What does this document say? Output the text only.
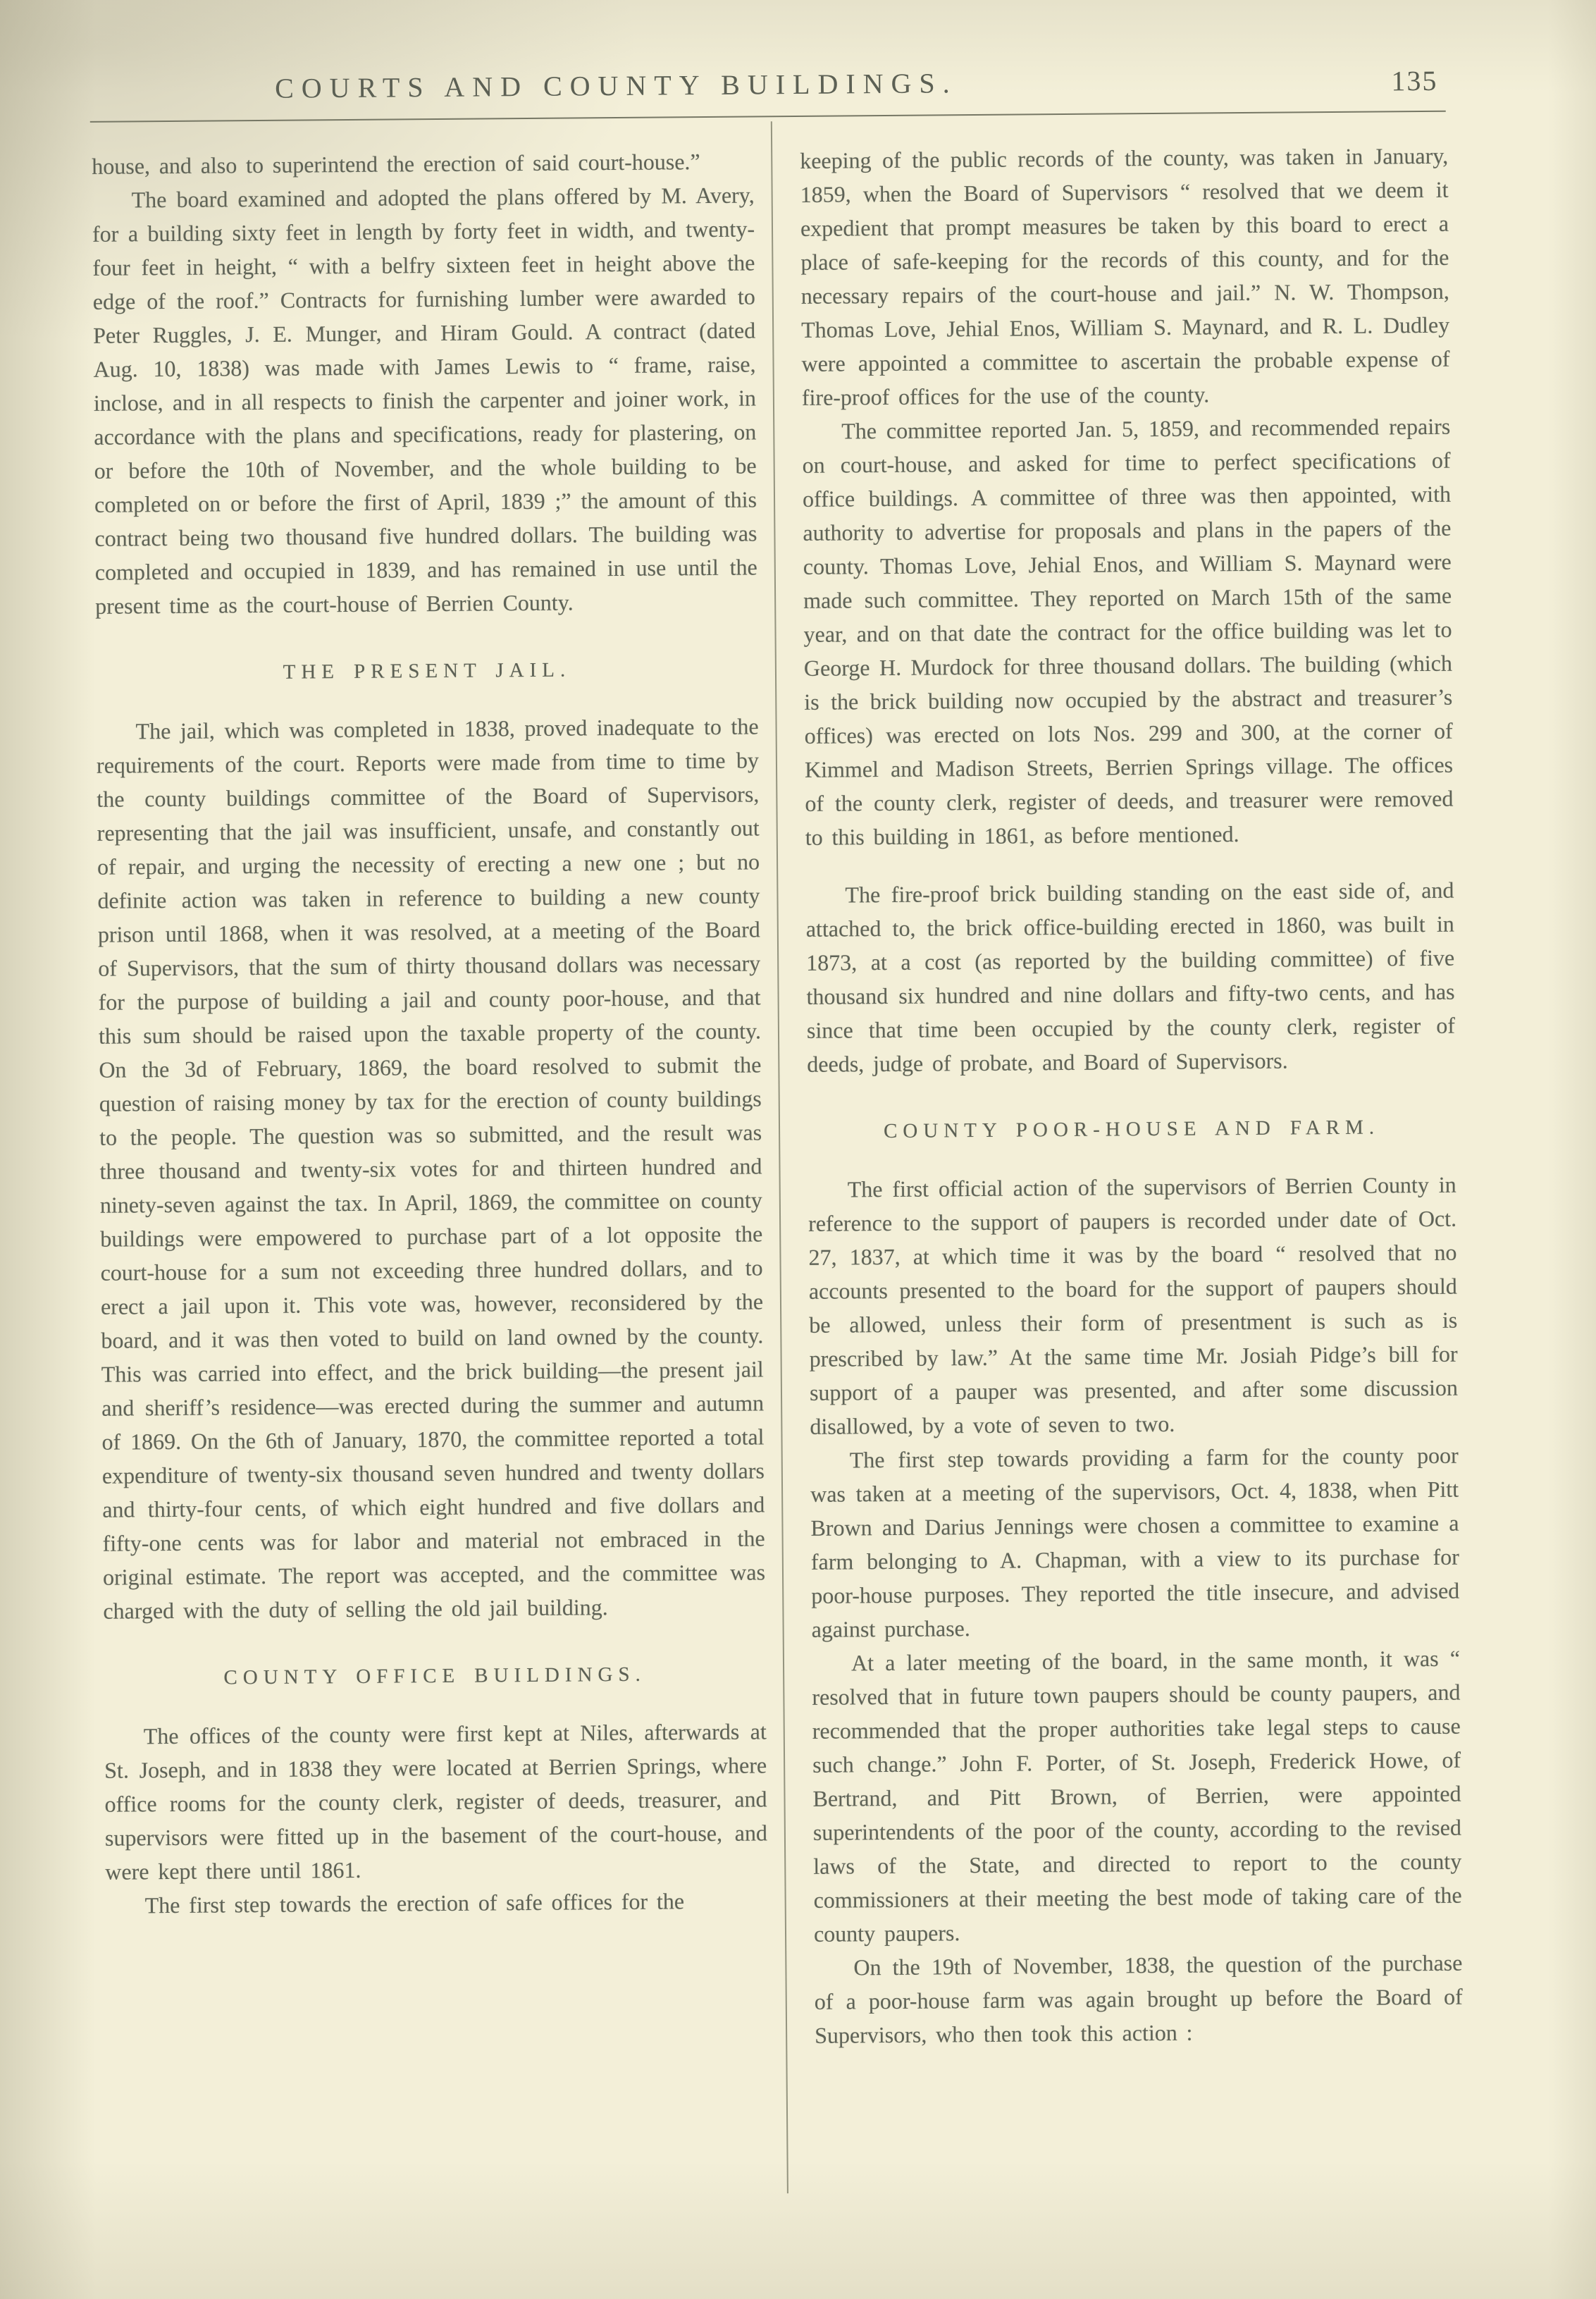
COURTS AND COUNTY BUILDINGS.	135

house, and also to superintend the erection of said court-house.”

The board examined and adopted the plans offered by M. Avery, for a building sixty feet in length by forty feet in width, and twenty-four feet in height, “ with a belfry sixteen feet in height above the edge of the roof.” Contracts for furnishing lumber were awarded to Peter Ruggles, J. E. Munger, and Hiram Gould. A contract (dated Aug. 10, 1838) was made with James Lewis to “ frame, raise, inclose, and in all respects to finish the carpenter and joiner work, in accordance with the plans and specifications, ready for plastering, on or before the 10th of November, and the whole building to be completed on or before the first of April, 1839 ;” the amount of this contract being two thousand five hundred dollars. The building was completed and occupied in 1839, and has remained in use until the present time as the court-house of Berrien County.

THE PRESENT JAIL.

The jail, which was completed in 1838, proved inadequate to the requirements of the court. Reports were made from time to time by the county buildings committee of the Board of Supervisors, representing that the jail was insufficient, unsafe, and constantly out of repair, and urging the necessity of erecting a new one ; but no definite action was taken in reference to building a new county prison until 1868, when it was resolved, at a meeting of the Board of Supervisors, that the sum of thirty thousand dollars was necessary for the purpose of building a jail and county poor-house, and that this sum should be raised upon the taxable property of the county. On the 3d of February, 1869, the board resolved to submit the question of raising money by tax for the erection of county buildings to the people. The question was so submitted, and the result was three thousand and twenty-six votes for and thirteen hundred and ninety-seven against the tax. In April, 1869, the committee on county buildings were empowered to purchase part of a lot opposite the court-house for a sum not exceeding three hundred dollars, and to erect a jail upon it. This vote was, however, reconsidered by the board, and it was then voted to build on land owned by the county. This was carried into effect, and the brick building—the present jail and sheriff’s residence—was erected during the summer and autumn of 1869. On the 6th of January, 1870, the committee reported a total expenditure of twenty-six thousand seven hundred and twenty dollars and thirty-four cents, of which eight hundred and five dollars and fifty-one cents was for labor and material not embraced in the original estimate. The report was accepted, and the committee was charged with the duty of selling the old jail building.

COUNTY OFFICE BUILDINGS.

The offices of the county were first kept at Niles, afterwards at St. Joseph, and in 1838 they were located at Berrien Springs, where office rooms for the county clerk, register of deeds, treasurer, and supervisors were fitted up in the basement of the court-house, and were kept there until 1861.

The first step towards the erection of safe offices for the

keeping of the public records of the county, was taken in January, 1859, when the Board of Supervisors “ resolved that we deem it expedient that prompt measures be taken by this board to erect a place of safe-keeping for the records of this county, and for the necessary repairs of the court-house and jail.” N. W. Thompson, Thomas Love, Jehial Enos, William S. Maynard, and R. L. Dudley were appointed a committee to ascertain the probable expense of fire-proof offices for the use of the county.

The committee reported Jan. 5, 1859, and recommended repairs on court-house, and asked for time to perfect specifications of office buildings. A committee of three was then appointed, with authority to advertise for proposals and plans in the papers of the county. Thomas Love, Jehial Enos, and William S. Maynard were made such committee. They reported on March 15th of the same year, and on that date the contract for the office building was let to George H. Murdock for three thousand dollars. The building (which is the brick building now occupied by the abstract and treasurer’s offices) was erected on lots Nos. 299 and 300, at the corner of Kimmel and Madison Streets, Berrien Springs village. The offices of the county clerk, register of deeds, and treasurer were removed to this building in 1861, as before mentioned.

The fire-proof brick building standing on the east side of, and attached to, the brick office-building erected in 1860, was built in 1873, at a cost (as reported by the building committee) of five thousand six hundred and nine dollars and fifty-two cents, and has since that time been occupied by the county clerk, register of deeds, judge of probate, and Board of Supervisors.

COUNTY POOR-HOUSE AND FARM.

The first official action of the supervisors of Berrien County in reference to the support of paupers is recorded under date of Oct. 27, 1837, at which time it was by the board “ resolved that no accounts presented to the board for the support of paupers should be allowed, unless their form of presentment is such as is prescribed by law.” At the same time Mr. Josiah Pidge’s bill for support of a pauper was presented, and after some discussion disallowed, by a vote of seven to two.

The first step towards providing a farm for the county poor was taken at a meeting of the supervisors, Oct. 4, 1838, when Pitt Brown and Darius Jennings were chosen a committee to examine a farm belonging to A. Chapman, with a view to its purchase for poor-house purposes. They reported the title insecure, and advised against purchase.

At a later meeting of the board, in the same month, it was “ resolved that in future town paupers should be county paupers, and recommended that the proper authorities take legal steps to cause such change.” John F. Porter, of St. Joseph, Frederick Howe, of Bertrand, and Pitt Brown, of Berrien, were appointed superintendents of the poor of the county, according to the revised laws of the State, and directed to report to the county commissioners at their meeting the best mode of taking care of the county paupers.

On the 19th of November, 1838, the question of the purchase of a poor-house farm was again brought up before the Board of Supervisors, who then took this action :
